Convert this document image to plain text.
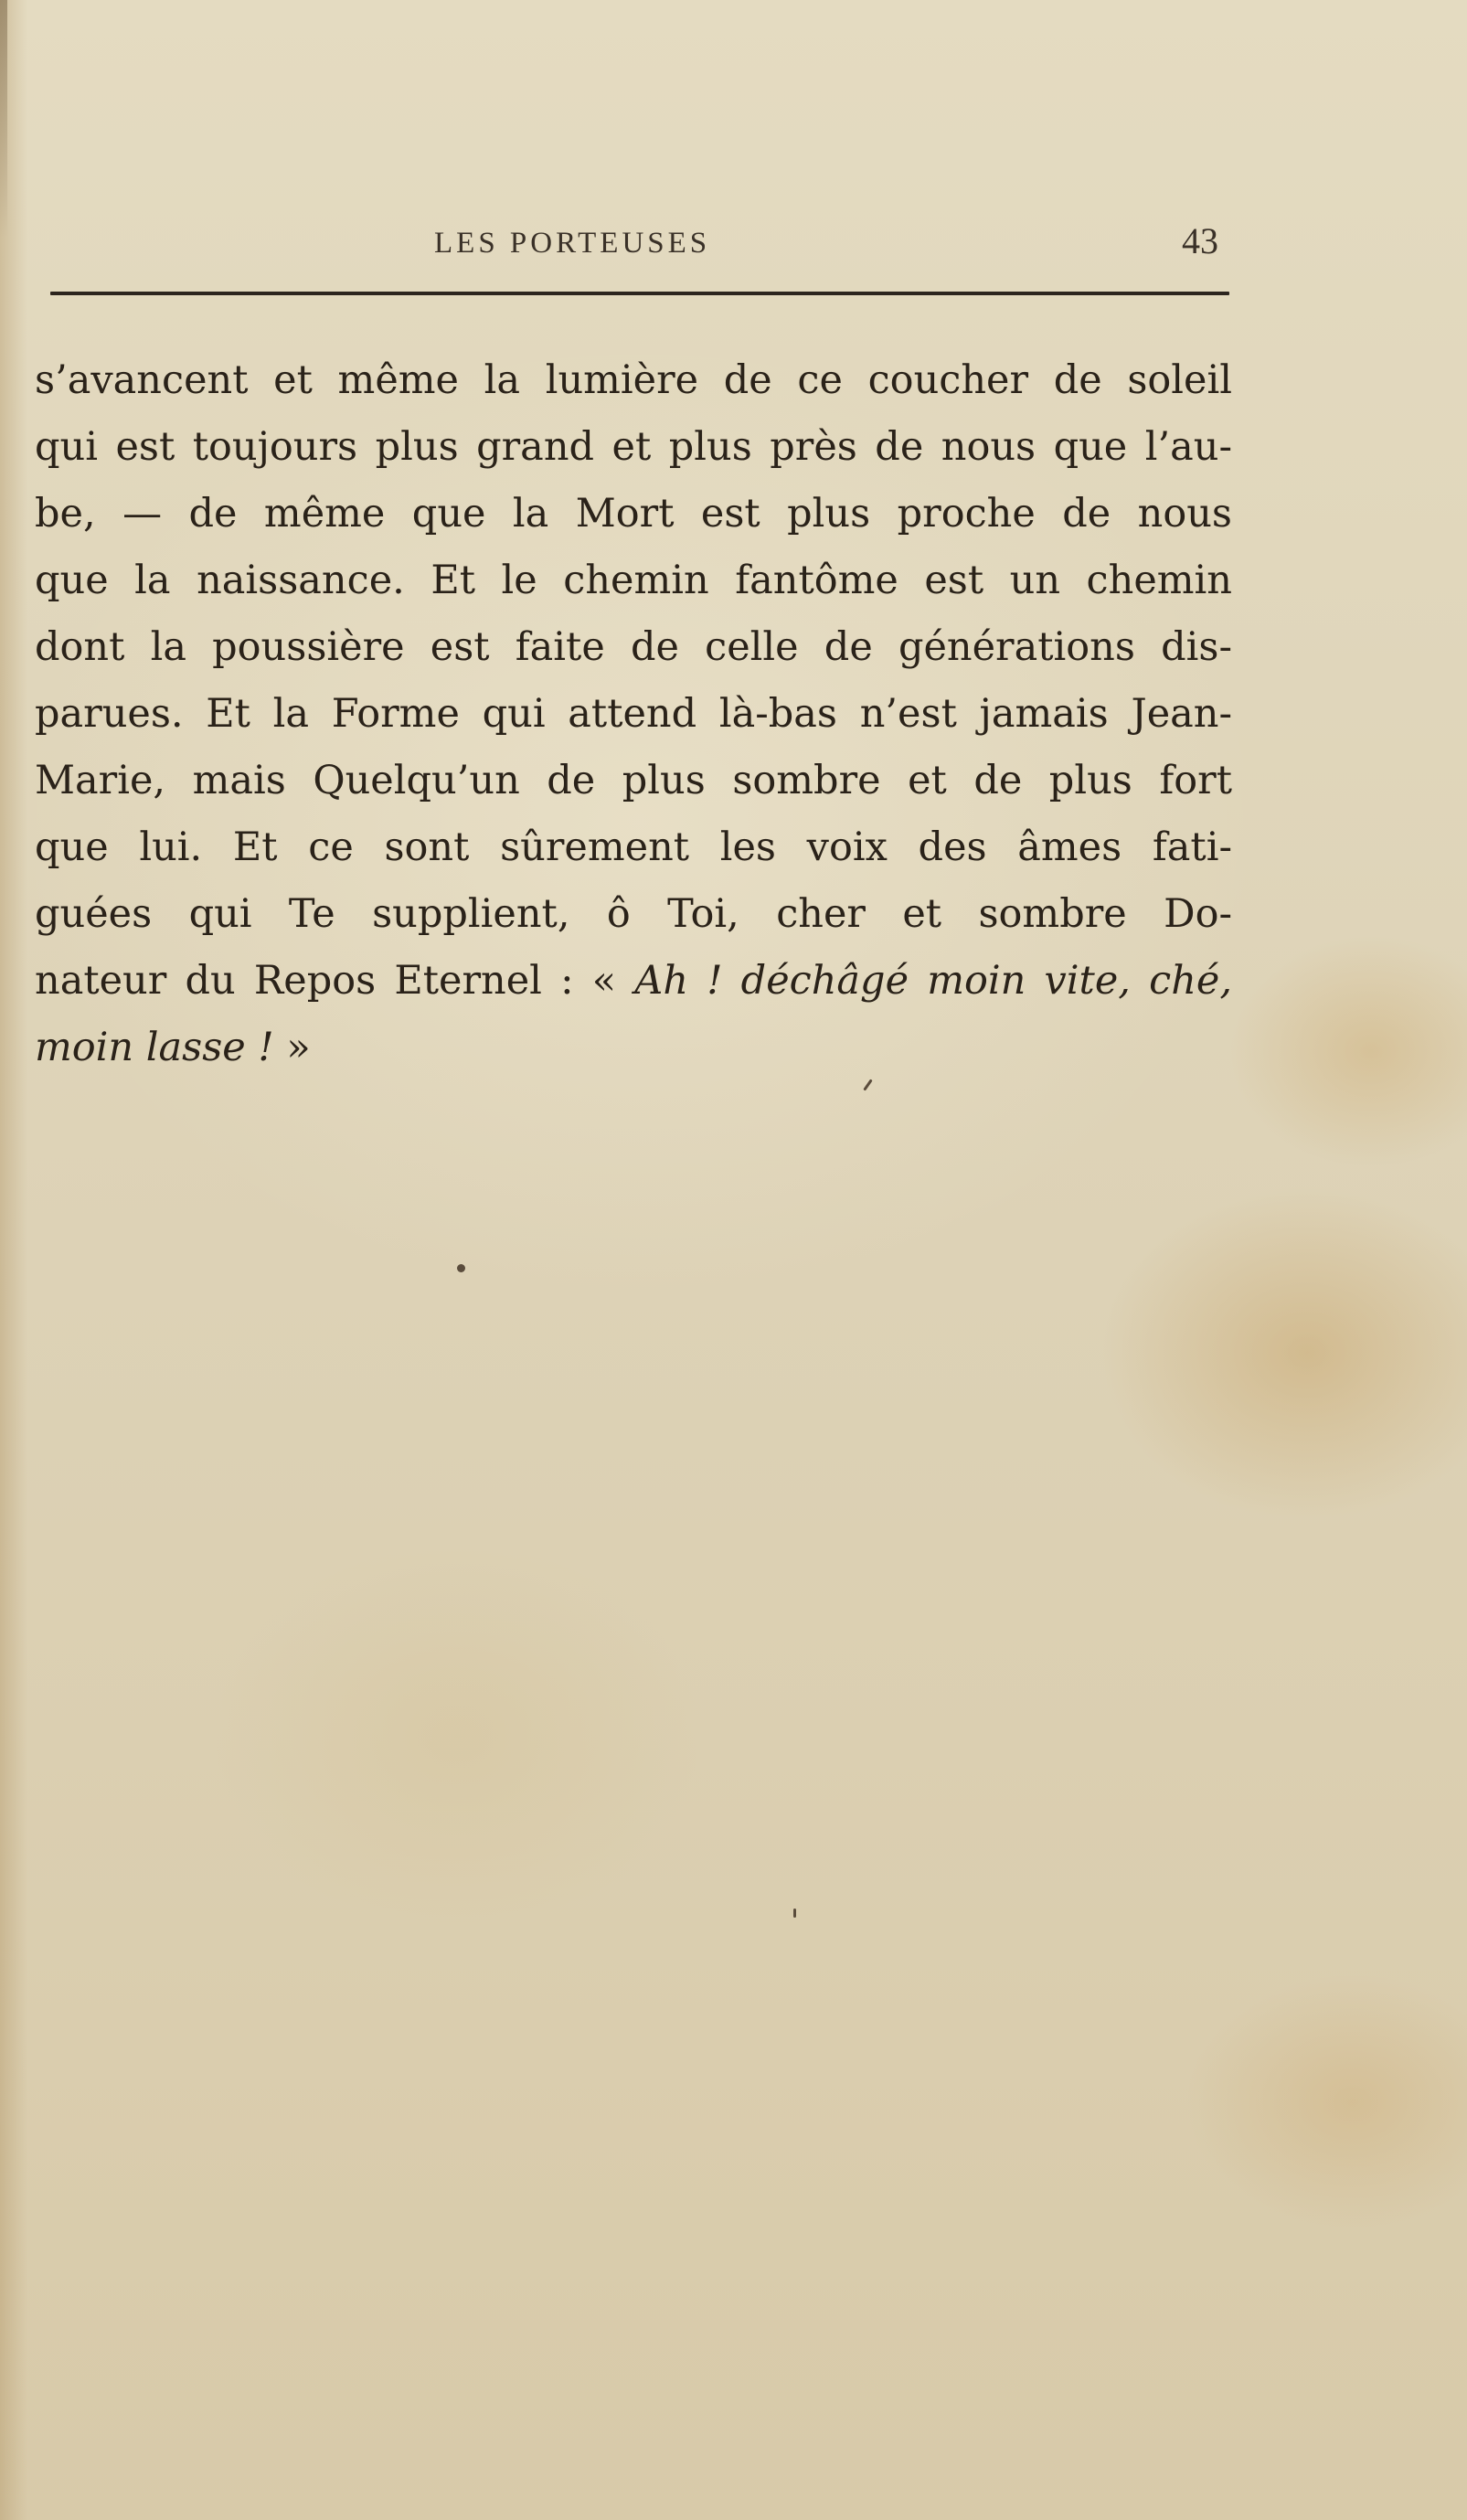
LES PORTEUSES	43
s’avancent et même la lumière de ce coucher de soleil
qui est toujours plus grand et plus près de nous que l’au-
be, — de même que la Mort est plus proche de nous
que la naissance. Et le chemin fantôme est un chemin
dont la poussière est faite de celle de générations dis-
parues. Et la Forme qui attend là-bas n’est jamais Jean-
Marie, mais Quelqu’un de plus sombre et de plus fort
que lui. Et ce sont sûrement les voix des âmes fati-
guées qui Te supplient, ô Toi, cher et sombre Do-
nateur du Repos Eternel : « Ah ! déchâgé moin vite, ché,
moin lasse ! »
